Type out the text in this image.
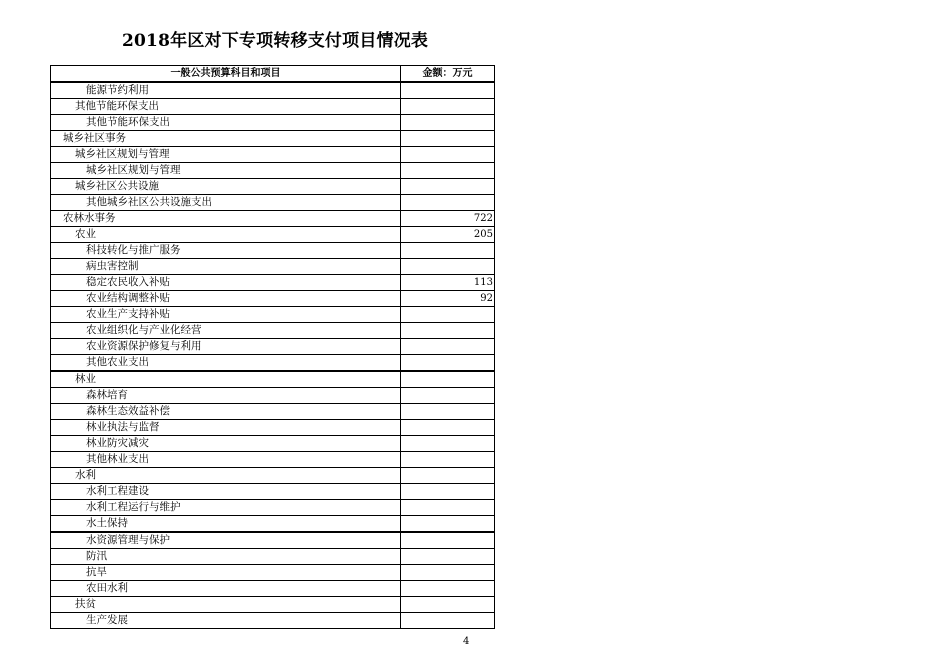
2018年区对下专项转移支付项目情况表
一般公共预算科目和项目	金额：万元
能源节约利用	
其他节能环保支出	
其他节能环保支出	
城乡社区事务	
城乡社区规划与管理	
城乡社区规划与管理	
城乡社区公共设施	
其他城乡社区公共设施支出	
农林水事务	722
农业	205
科技转化与推广服务	
病虫害控制	
稳定农民收入补贴	113
农业结构调整补贴	92
农业生产支持补贴	
农业组织化与产业化经营	
农业资源保护修复与利用	
其他农业支出	
林业	
森林培育	
森林生态效益补偿	
林业执法与监督	
林业防灾减灾	
其他林业支出	
水利	
水利工程建设	
水利工程运行与维护	
水土保持	
水资源管理与保护	
防汛	
抗旱	
农田水利	
扶贫	
生产发展	
4
